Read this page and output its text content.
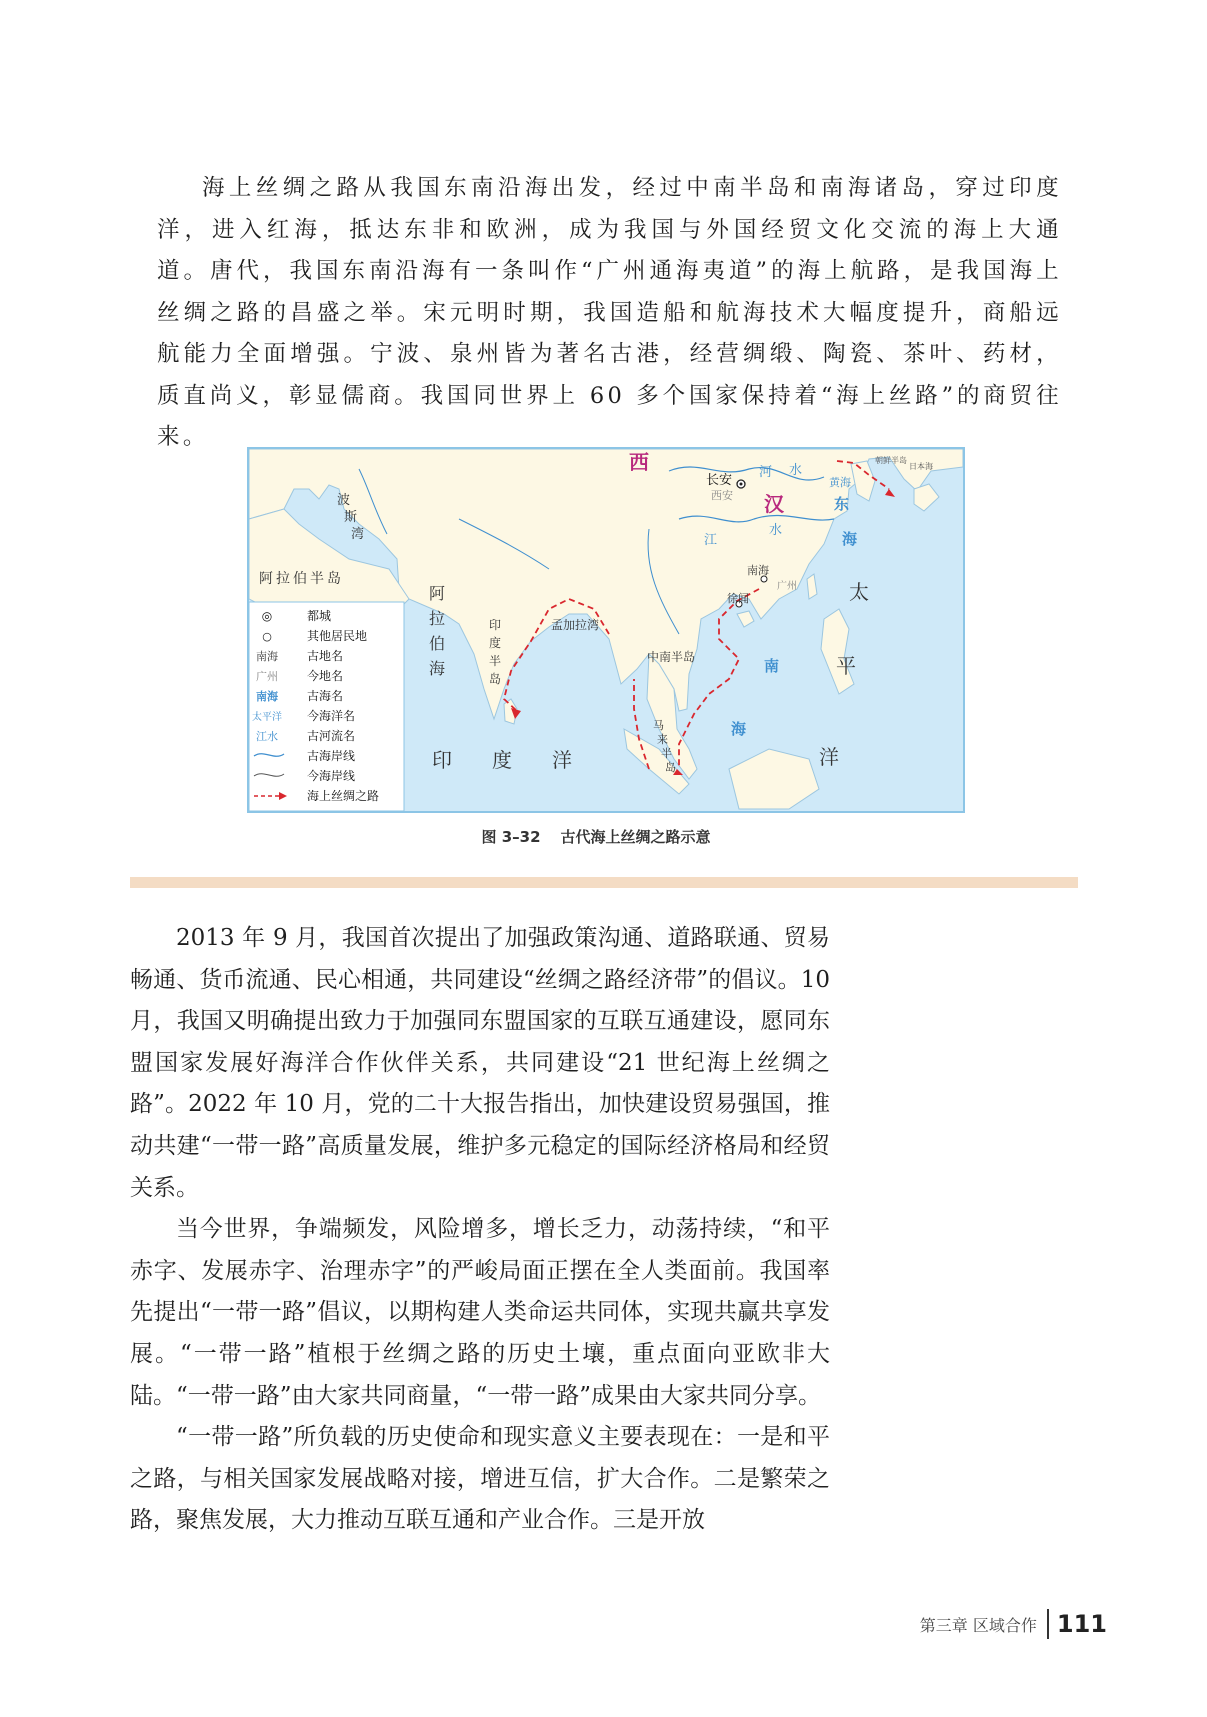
海上丝绸之路从我国东南沿海出发，经过中南半岛和南海诸岛，穿过印度洋，进入红海，抵达东非和欧洲，成为我国与外国经贸文化交流的海上大通道。唐代，我国东南沿海有一条叫作“广州通海夷道”的海上航路，是我国海上丝绸之路的昌盛之举。宋元明时期，我国造船和航海技术大幅度提升，商船远航能力全面增强。宁波、泉州皆为著名古港，经营绸缎、陶瓷、茶叶、药材，质直尚义，彰显儒商。我国同世界上 60 多个国家保持着“海上丝路”的商贸往来。

西
汉
长安
西安
河 水
江
水
黄海
东
海
朝鲜半岛
日本海
波
斯
湾
阿拉伯半岛
阿
拉
伯
海
印
度
半
岛
孟加拉湾
南海
广州
徐闻
中南半岛
太
平
洋
南
海
马
来
半
岛
印 度 洋
◎	都城
○	其他居民地
南海 古地名
广州 今地名
南海 古海名
太平洋 今海洋名
江水 古河流名
古海岸线
今海岸线
海上丝绸之路
图 3–32 古代海上丝绸之路示意

2013 年 9 月，我国首次提出了加强政策沟通、道路联通、贸易畅通、货币流通、民心相通，共同建设“丝绸之路经济带”的倡议。10 月，我国又明确提出致力于加强同东盟国家的互联互通建设，愿同东盟国家发展好海洋合作伙伴关系，共同建设“21 世纪海上丝绸之路”。2022 年 10 月，党的二十大报告指出，加快建设贸易强国，推动共建“一带一路”高质量发展，维护多元稳定的国际经济格局和经贸关系。

当今世界，争端频发，风险增多，增长乏力，动荡持续，“和平赤字、发展赤字、治理赤字”的严峻局面正摆在全人类面前。我国率先提出“一带一路”倡议，以期构建人类命运共同体，实现共赢共享发展。“一带一路”植根于丝绸之路的历史土壤，重点面向亚欧非大陆。“一带一路”由大家共同商量，“一带一路”成果由大家共同分享。

“一带一路”所负载的历史使命和现实意义主要表现在：一是和平之路，与相关国家发展战略对接，增进互信，扩大合作。二是繁荣之路，聚焦发展，大力推动互联互通和产业合作。三是开放

第三章 区域合作 111
